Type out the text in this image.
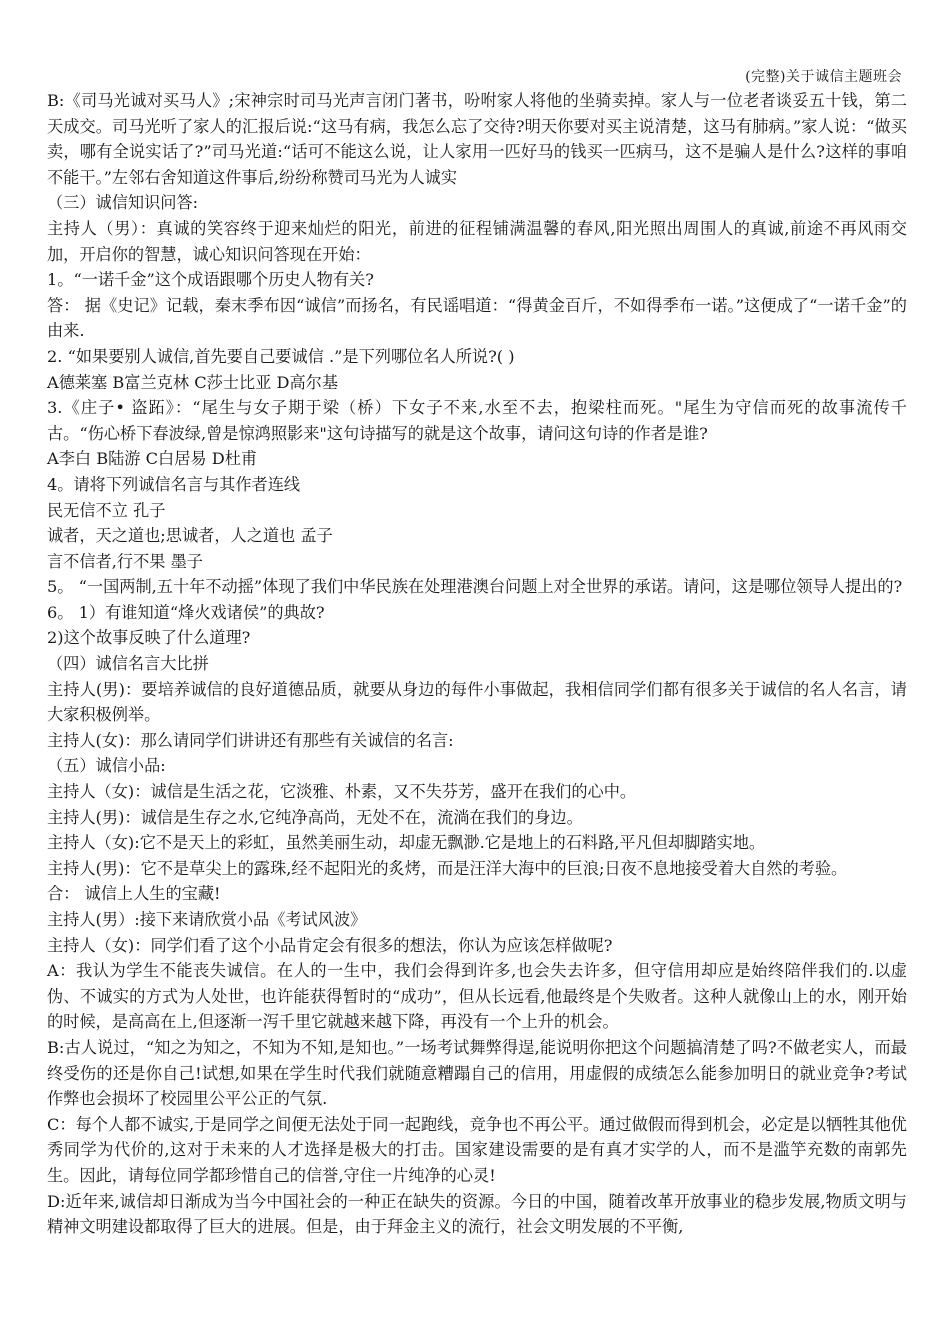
(完整)关于诚信主题班会

B:《司马光诚对买马人》;宋神宗时司马光声言闭门著书，吩咐家人将他的坐骑卖掉。家人与一位老者谈妥五十钱，第二天成交。司马光听了家人的汇报后说:“这马有病，我怎么忘了交待?明天你要对买主说清楚，这马有肺病。”家人说：“做买卖，哪有全说实话了?”司马光道:“话可不能这么说，让人家用一匹好马的钱买一匹病马，这不是骗人是什么?这样的事咱不能干。”左邻右舍知道这件事后,纷纷称赞司马光为人诚实

（三）诚信知识问答:

主持人（男）：真诚的笑容终于迎来灿烂的阳光，前进的征程铺满温馨的春风,阳光照出周围人的真诚,前途不再风雨交加，开启你的智慧，诚心知识问答现在开始：

1。“一诺千金”这个成语跟哪个历史人物有关?

答： 据《史记》记载，秦末季布因“诚信”而扬名，有民谣唱道：“得黄金百斤，不如得季布一诺。”这便成了“一诺千金”的由来.

2. “如果要别人诚信,首先要自己要诚信 .”是下列哪位名人所说?( )

A德莱塞 B富兰克林 C莎士比亚 D高尔基

3.《庄子• 盗跖》：“尾生与女子期于梁（桥）下女子不来,水至不去，抱梁柱而死。"尾生为守信而死的故事流传千古。“伤心桥下春波绿,曾是惊鸿照影来"这句诗描写的就是这个故事，请问这句诗的作者是谁?

A李白 B陆游 C白居易 D杜甫

4。请将下列诚信名言与其作者连线

民无信不立 孔子

诚者，天之道也;思诚者，人之道也 孟子

言不信者,行不果 墨子

5。 “一国两制,五十年不动摇”体现了我们中华民族在处理港澳台问题上对全世界的承诺。请问，这是哪位领导人提出的?

6。 1）有谁知道“烽火戏诸侯”的典故?

2)这个故事反映了什么道理?

（四）诚信名言大比拼

主持人(男)：要培养诚信的良好道德品质，就要从身边的每件小事做起，我相信同学们都有很多关于诚信的名人名言，请大家积极例举。

主持人(女)：那么请同学们讲讲还有那些有关诚信的名言:

（五）诚信小品:

主持人（女)：诚信是生活之花，它淡雅、朴素，又不失芬芳，盛开在我们的心中。

主持人(男)：诚信是生存之水,它纯净高尚，无处不在，流淌在我们的身边。

主持人（女):它不是天上的彩虹，虽然美丽生动，却虚无飘渺.它是地上的石料路,平凡但却脚踏实地。

主持人(男)：它不是草尖上的露珠,经不起阳光的炙烤，而是汪洋大海中的巨浪;日夜不息地接受着大自然的考验。

合： 诚信上人生的宝藏!

主持人(男）:接下来请欣赏小品《考试风波》

主持人（女)：同学们看了这个小品肯定会有很多的想法，你认为应该怎样做呢?

A：我认为学生不能丧失诚信。在人的一生中，我们会得到许多,也会失去许多，但守信用却应是始终陪伴我们的.以虚伪、不诚实的方式为人处世，也许能获得暂时的“成功”，但从长远看,他最终是个失败者。这种人就像山上的水，刚开始的时候，是高高在上,但逐渐一泻千里它就越来越下降，再没有一个上升的机会。

B:古人说过，“知之为知之，不知为不知,是知也。”一场考试舞弊得逞,能说明你把这个问题搞清楚了吗?不做老实人，而最终受伤的还是你自己!试想,如果在学生时代我们就随意糟蹋自己的信用，用虚假的成绩怎么能参加明日的就业竞争?考试作弊也会损坏了校园里公平公正的气氛.

C：每个人都不诚实,于是同学之间便无法处于同一起跑线，竞争也不再公平。通过做假而得到机会，必定是以牺牲其他优秀同学为代价的,这对于未来的人才选择是极大的打击。国家建设需要的是有真才实学的人，而不是滥竽充数的南郭先生。因此，请每位同学都珍惜自己的信誉,守住一片纯净的心灵!

D:近年来,诚信却日渐成为当今中国社会的一种正在缺失的资源。今日的中国，随着改革开放事业的稳步发展,物质文明与精神文明建设都取得了巨大的进展。但是，由于拜金主义的流行，社会文明发展的不平衡,
